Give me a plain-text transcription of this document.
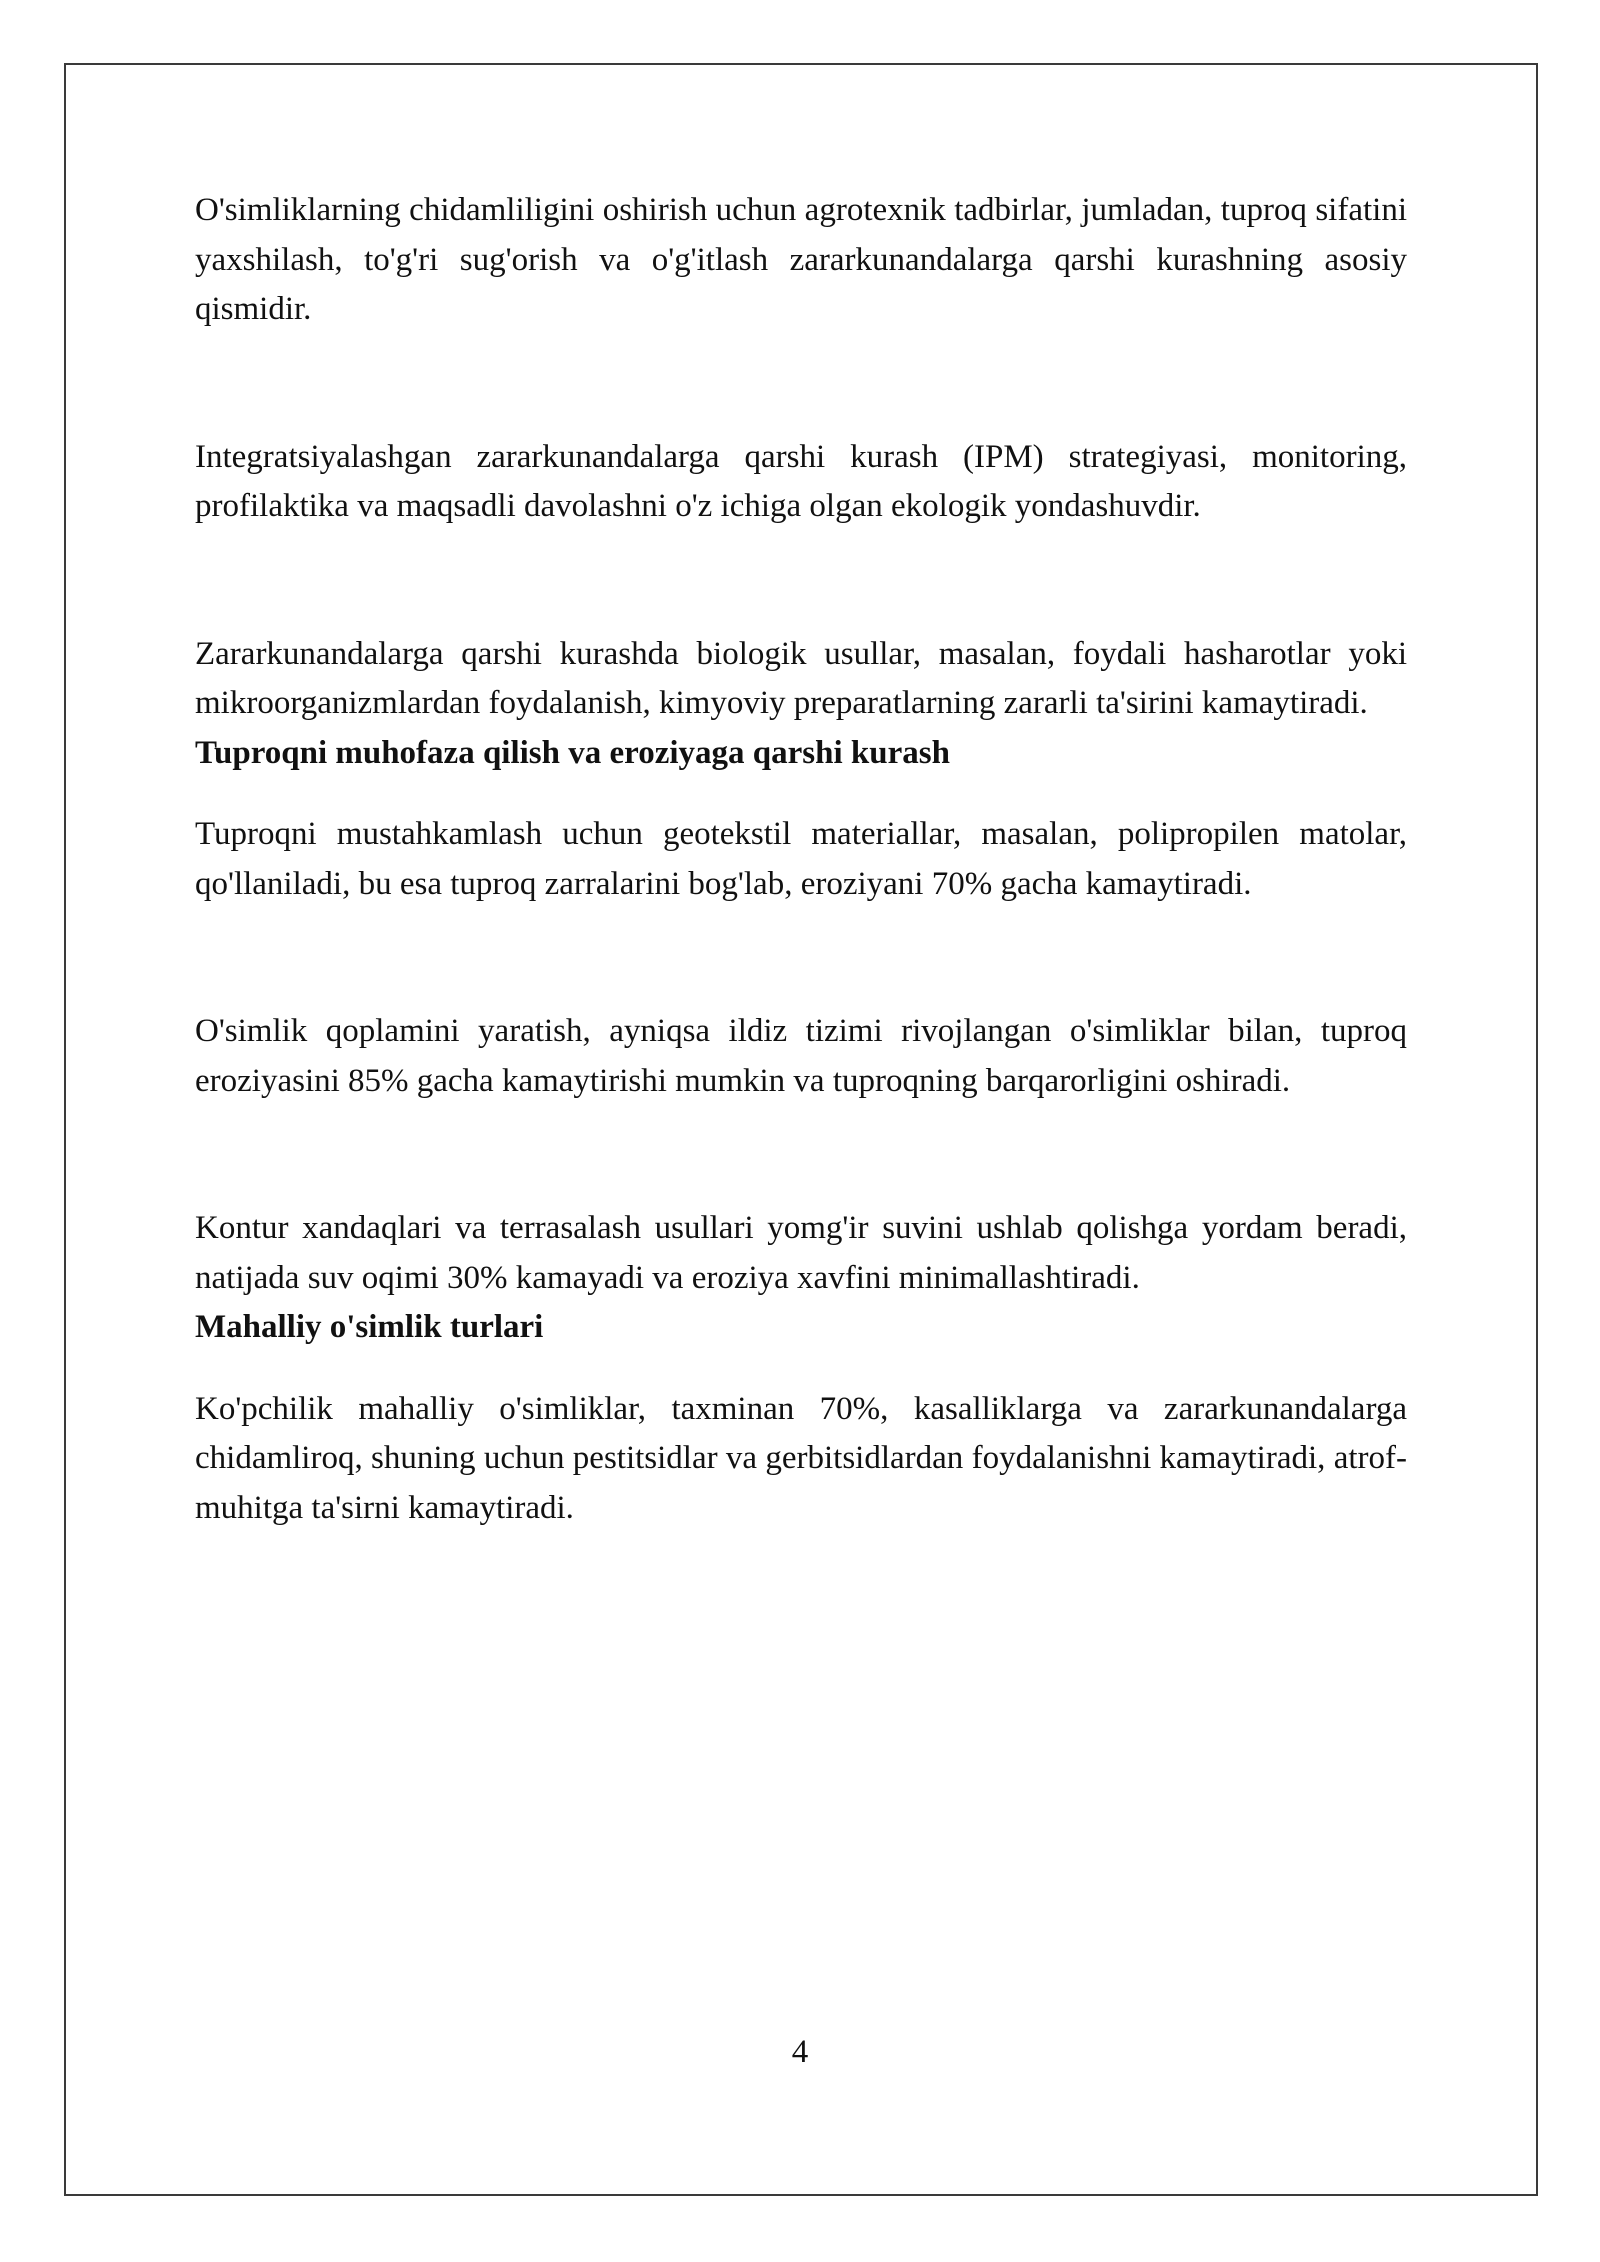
O'simliklarning chidamliligini oshirish uchun agrotexnik tadbirlar, jumladan, tuproq sifatini yaxshilash, to'g'ri sug'orish va o'g'itlash zararkunandalarga qarshi kurashning asosiy qismidir.

Integratsiyalashgan zararkunandalarga qarshi kurash (IPM) strategiyasi, monitoring, profilaktika va maqsadli davolashni o'z ichiga olgan ekologik yondashuvdir.

Zararkunandalarga qarshi kurashda biologik usullar, masalan, foydali hasharotlar yoki mikroorganizmlardan foydalanish, kimyoviy preparatlarning zararli ta'sirini kamaytiradi.

Tuproqni muhofaza qilish va eroziyaga qarshi kurash

Tuproqni mustahkamlash uchun geotekstil materiallar, masalan, polipropilen matolar, qo'llaniladi, bu esa tuproq zarralarini bog'lab, eroziyani 70% gacha kamaytiradi.

O'simlik qoplamini yaratish, ayniqsa ildiz tizimi rivojlangan o'simliklar bilan, tuproq eroziyasini 85% gacha kamaytirishi mumkin va tuproqning barqarorligini oshiradi.

Kontur xandaqlari va terrasalash usullari yomg'ir suvini ushlab qolishga yordam beradi, natijada suv oqimi 30% kamayadi va eroziya xavfini minimallashtiradi.

Mahalliy o'simlik turlari

Ko'pchilik mahalliy o'simliklar, taxminan 70%, kasalliklarga va zararkunandalarga chidamliroq, shuning uchun pestitsidlar va gerbitsidlardan foydalanishni kamaytiradi, atrof-muhitga ta'sirni kamaytiradi.

4
